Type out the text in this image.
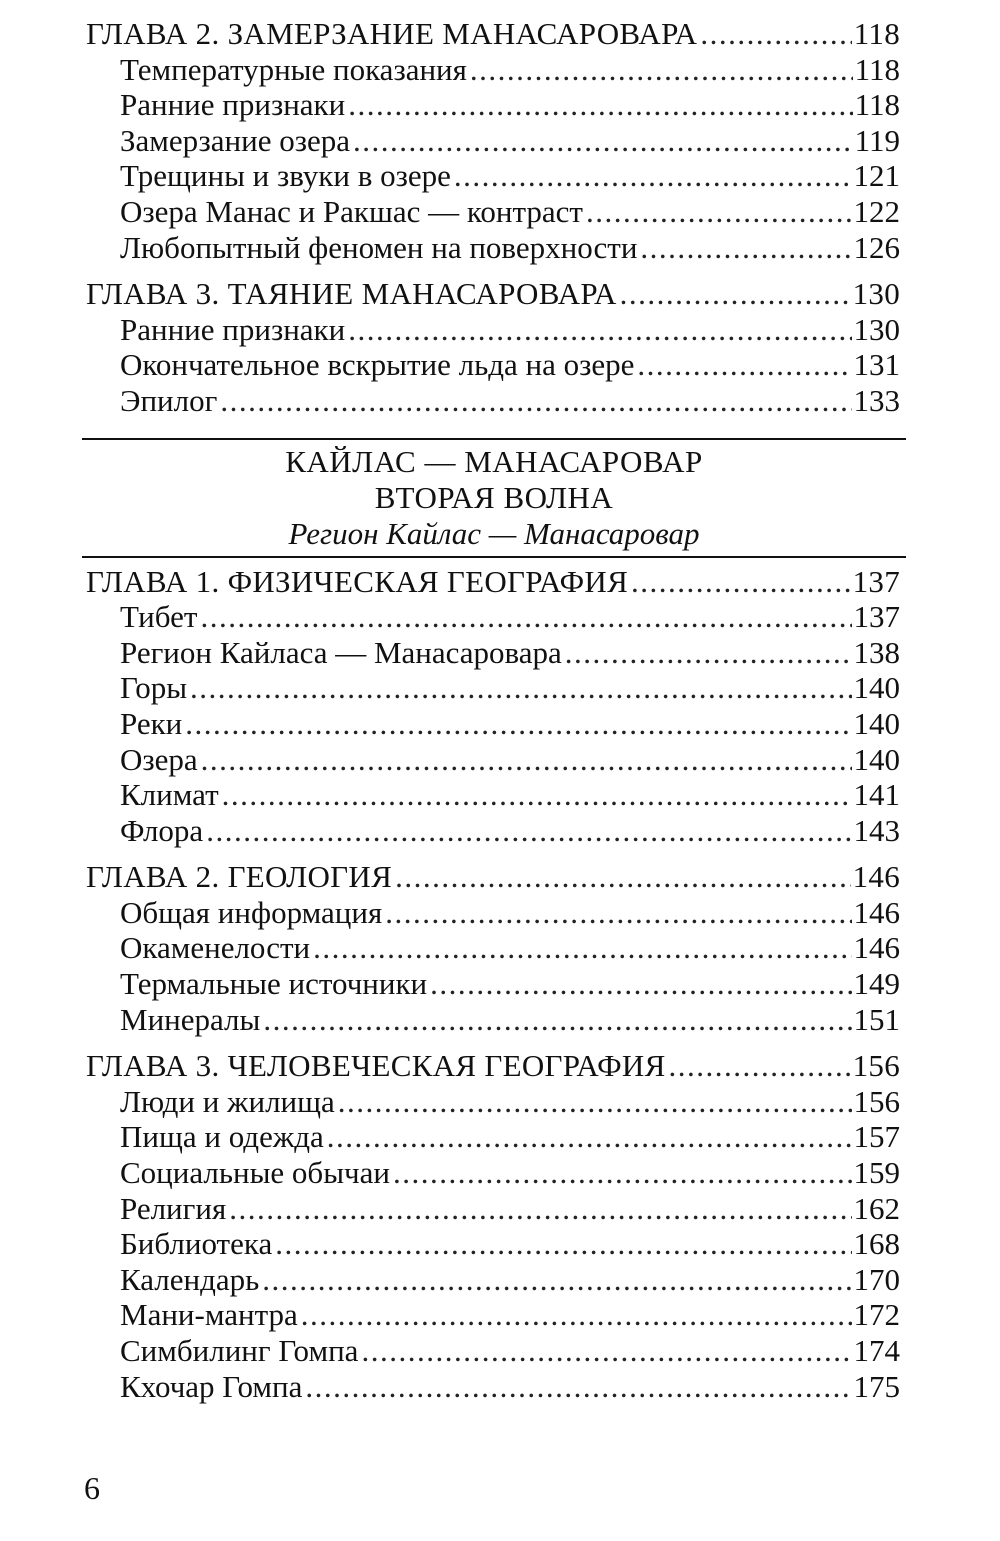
ГЛАВА 2. ЗАМЕРЗАНИЕ МАНАСАРОВАРА .....	118
Температурные показания .....	118
Ранние признаки .....	118
Замерзание озера .....	119
Трещины и звуки в озере .....	121
Озера Манас и Ракшас — контраст .....	122
Любопытный феномен на поверхности .....	126
ГЛАВА 3. ТАЯНИЕ МАНАСАРОВАРА .....	130
Ранние признаки .....	130
Окончательное вскрытие льда на озере .....	131
Эпилог .....	133
КАЙЛАС — МАНАСАРОВАР
ВТОРАЯ ВОЛНА
Регион Кайлас — Манасаровар
ГЛАВА 1. ФИЗИЧЕСКАЯ ГЕОГРАФИЯ .....	137
Тибет .....	137
Регион Кайласа — Манасаровара .....	138
Горы .....	140
Реки .....	140
Озера .....	140
Климат .....	141
Флора .....	143
ГЛАВА 2. ГЕОЛОГИЯ .....	146
Общая информация .....	146
Окаменелости .....	146
Термальные источники .....	149
Минералы .....	151
ГЛАВА 3. ЧЕЛОВЕЧЕСКАЯ ГЕОГРАФИЯ .....	156
Люди и жилища .....	156
Пища и одежда .....	157
Социальные обычаи .....	159
Религия .....	162
Библиотека .....	168
Календарь .....	170
Мани-мантра .....	172
Симбилинг Гомпа .....	174
Кхочар Гомпа .....	175
6
